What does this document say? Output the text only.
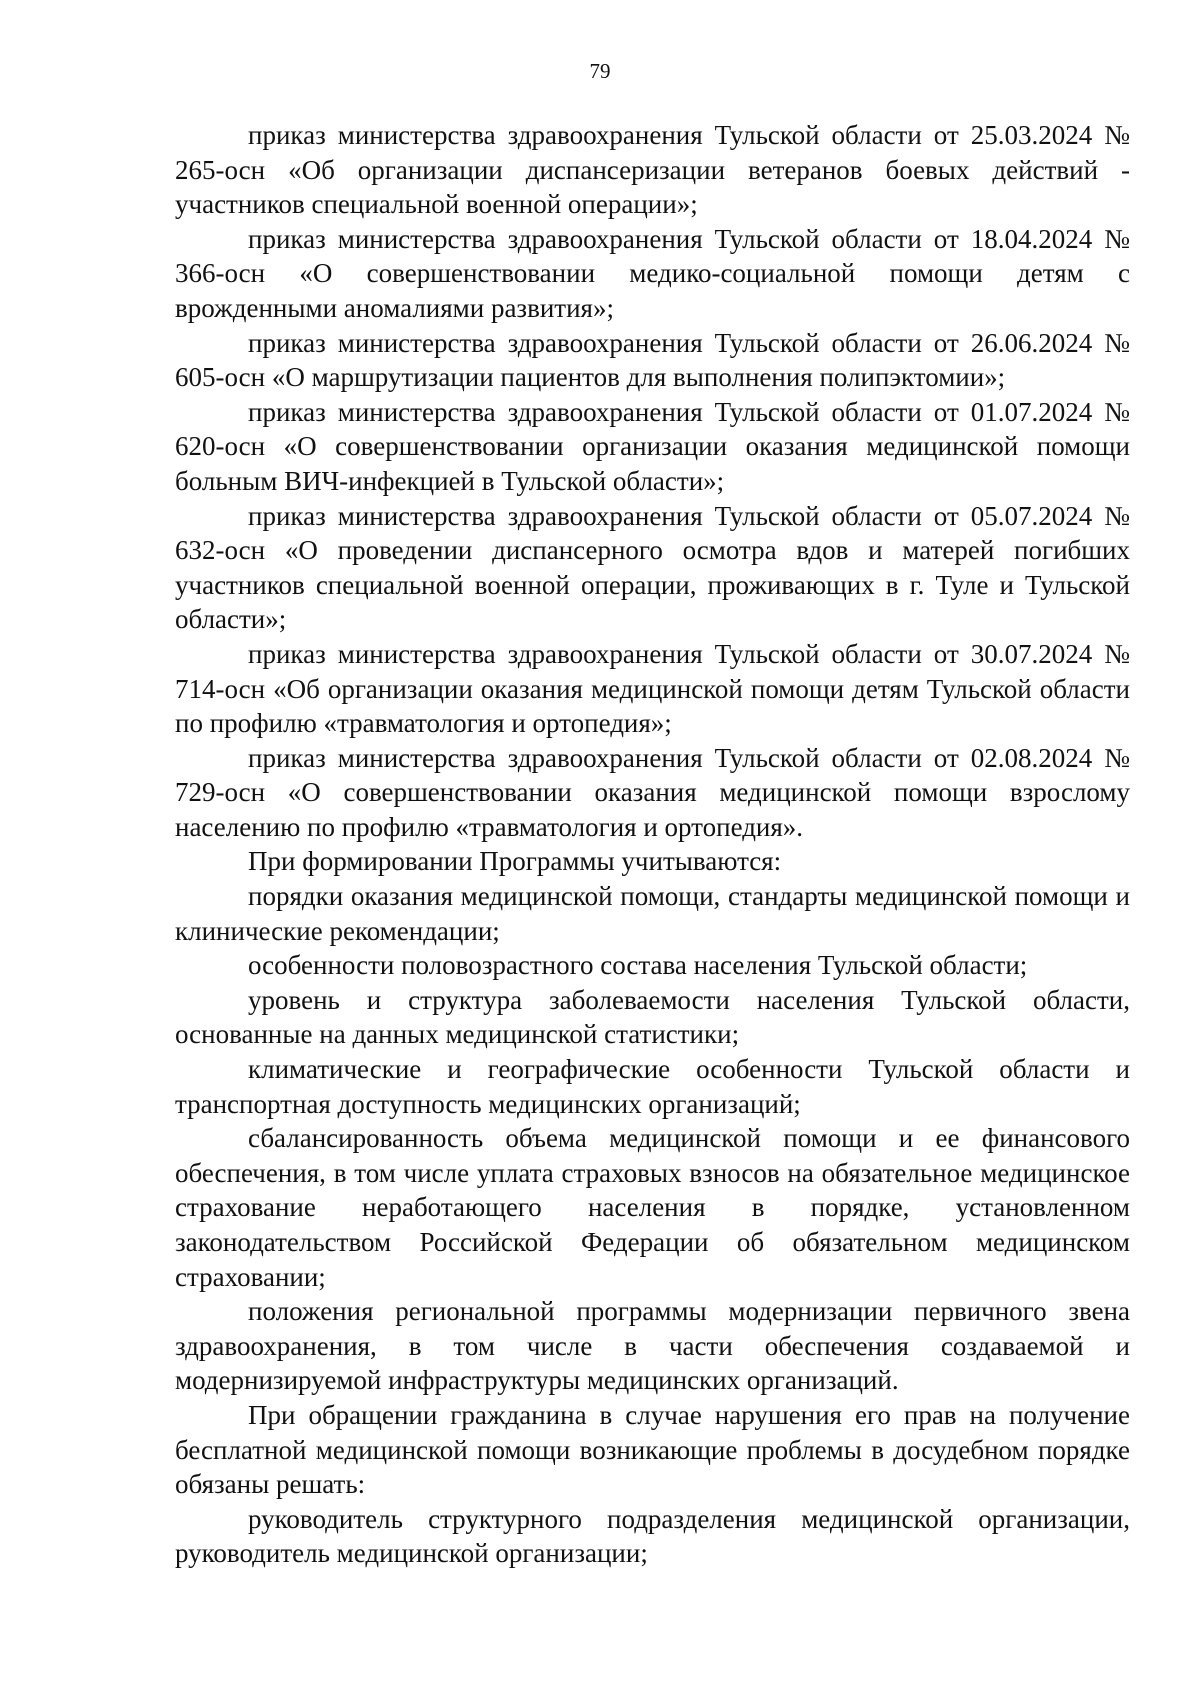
79

приказ министерства здравоохранения Тульской области от 25.03.2024 № 265-осн «Об организации диспансеризации ветеранов боевых действий - участников специальной военной операции»;

приказ министерства здравоохранения Тульской области от 18.04.2024 № 366-осн «О совершенствовании медико-социальной помощи детям с врожденными аномалиями развития»;

приказ министерства здравоохранения Тульской области от 26.06.2024 № 605-осн «О маршрутизации пациентов для выполнения полипэктомии»;

приказ министерства здравоохранения Тульской области от 01.07.2024 № 620-осн «О совершенствовании организации оказания медицинской помощи больным ВИЧ-инфекцией в Тульской области»;

приказ министерства здравоохранения Тульской области от 05.07.2024 № 632-осн «О проведении диспансерного осмотра вдов и матерей погибших участников специальной военной операции, проживающих в г. Туле и Тульской области»;

приказ министерства здравоохранения Тульской области от 30.07.2024 № 714-осн «Об организации оказания медицинской помощи детям Тульской области по профилю «травматология и ортопедия»;

приказ министерства здравоохранения Тульской области от 02.08.2024 № 729-осн «О совершенствовании оказания медицинской помощи взрослому населению по профилю «травматология и ортопедия».

При формировании Программы учитываются:

порядки оказания медицинской помощи, стандарты медицинской помощи и клинические рекомендации;

особенности половозрастного состава населения Тульской области;

уровень и структура заболеваемости населения Тульской области, основанные на данных медицинской статистики;

климатические и географические особенности Тульской области и транспортная доступность медицинских организаций;

сбалансированность объема медицинской помощи и ее финансового обеспечения, в том числе уплата страховых взносов на обязательное медицинское страхование неработающего населения в порядке, установленном законодательством Российской Федерации об обязательном медицинском страховании;

положения региональной программы модернизации первичного звена здравоохранения, в том числе в части обеспечения создаваемой и модернизируемой инфраструктуры медицинских организаций.

При обращении гражданина в случае нарушения его прав на получение бесплатной медицинской помощи возникающие проблемы в досудебном порядке обязаны решать:

руководитель структурного подразделения медицинской организации, руководитель медицинской организации;
